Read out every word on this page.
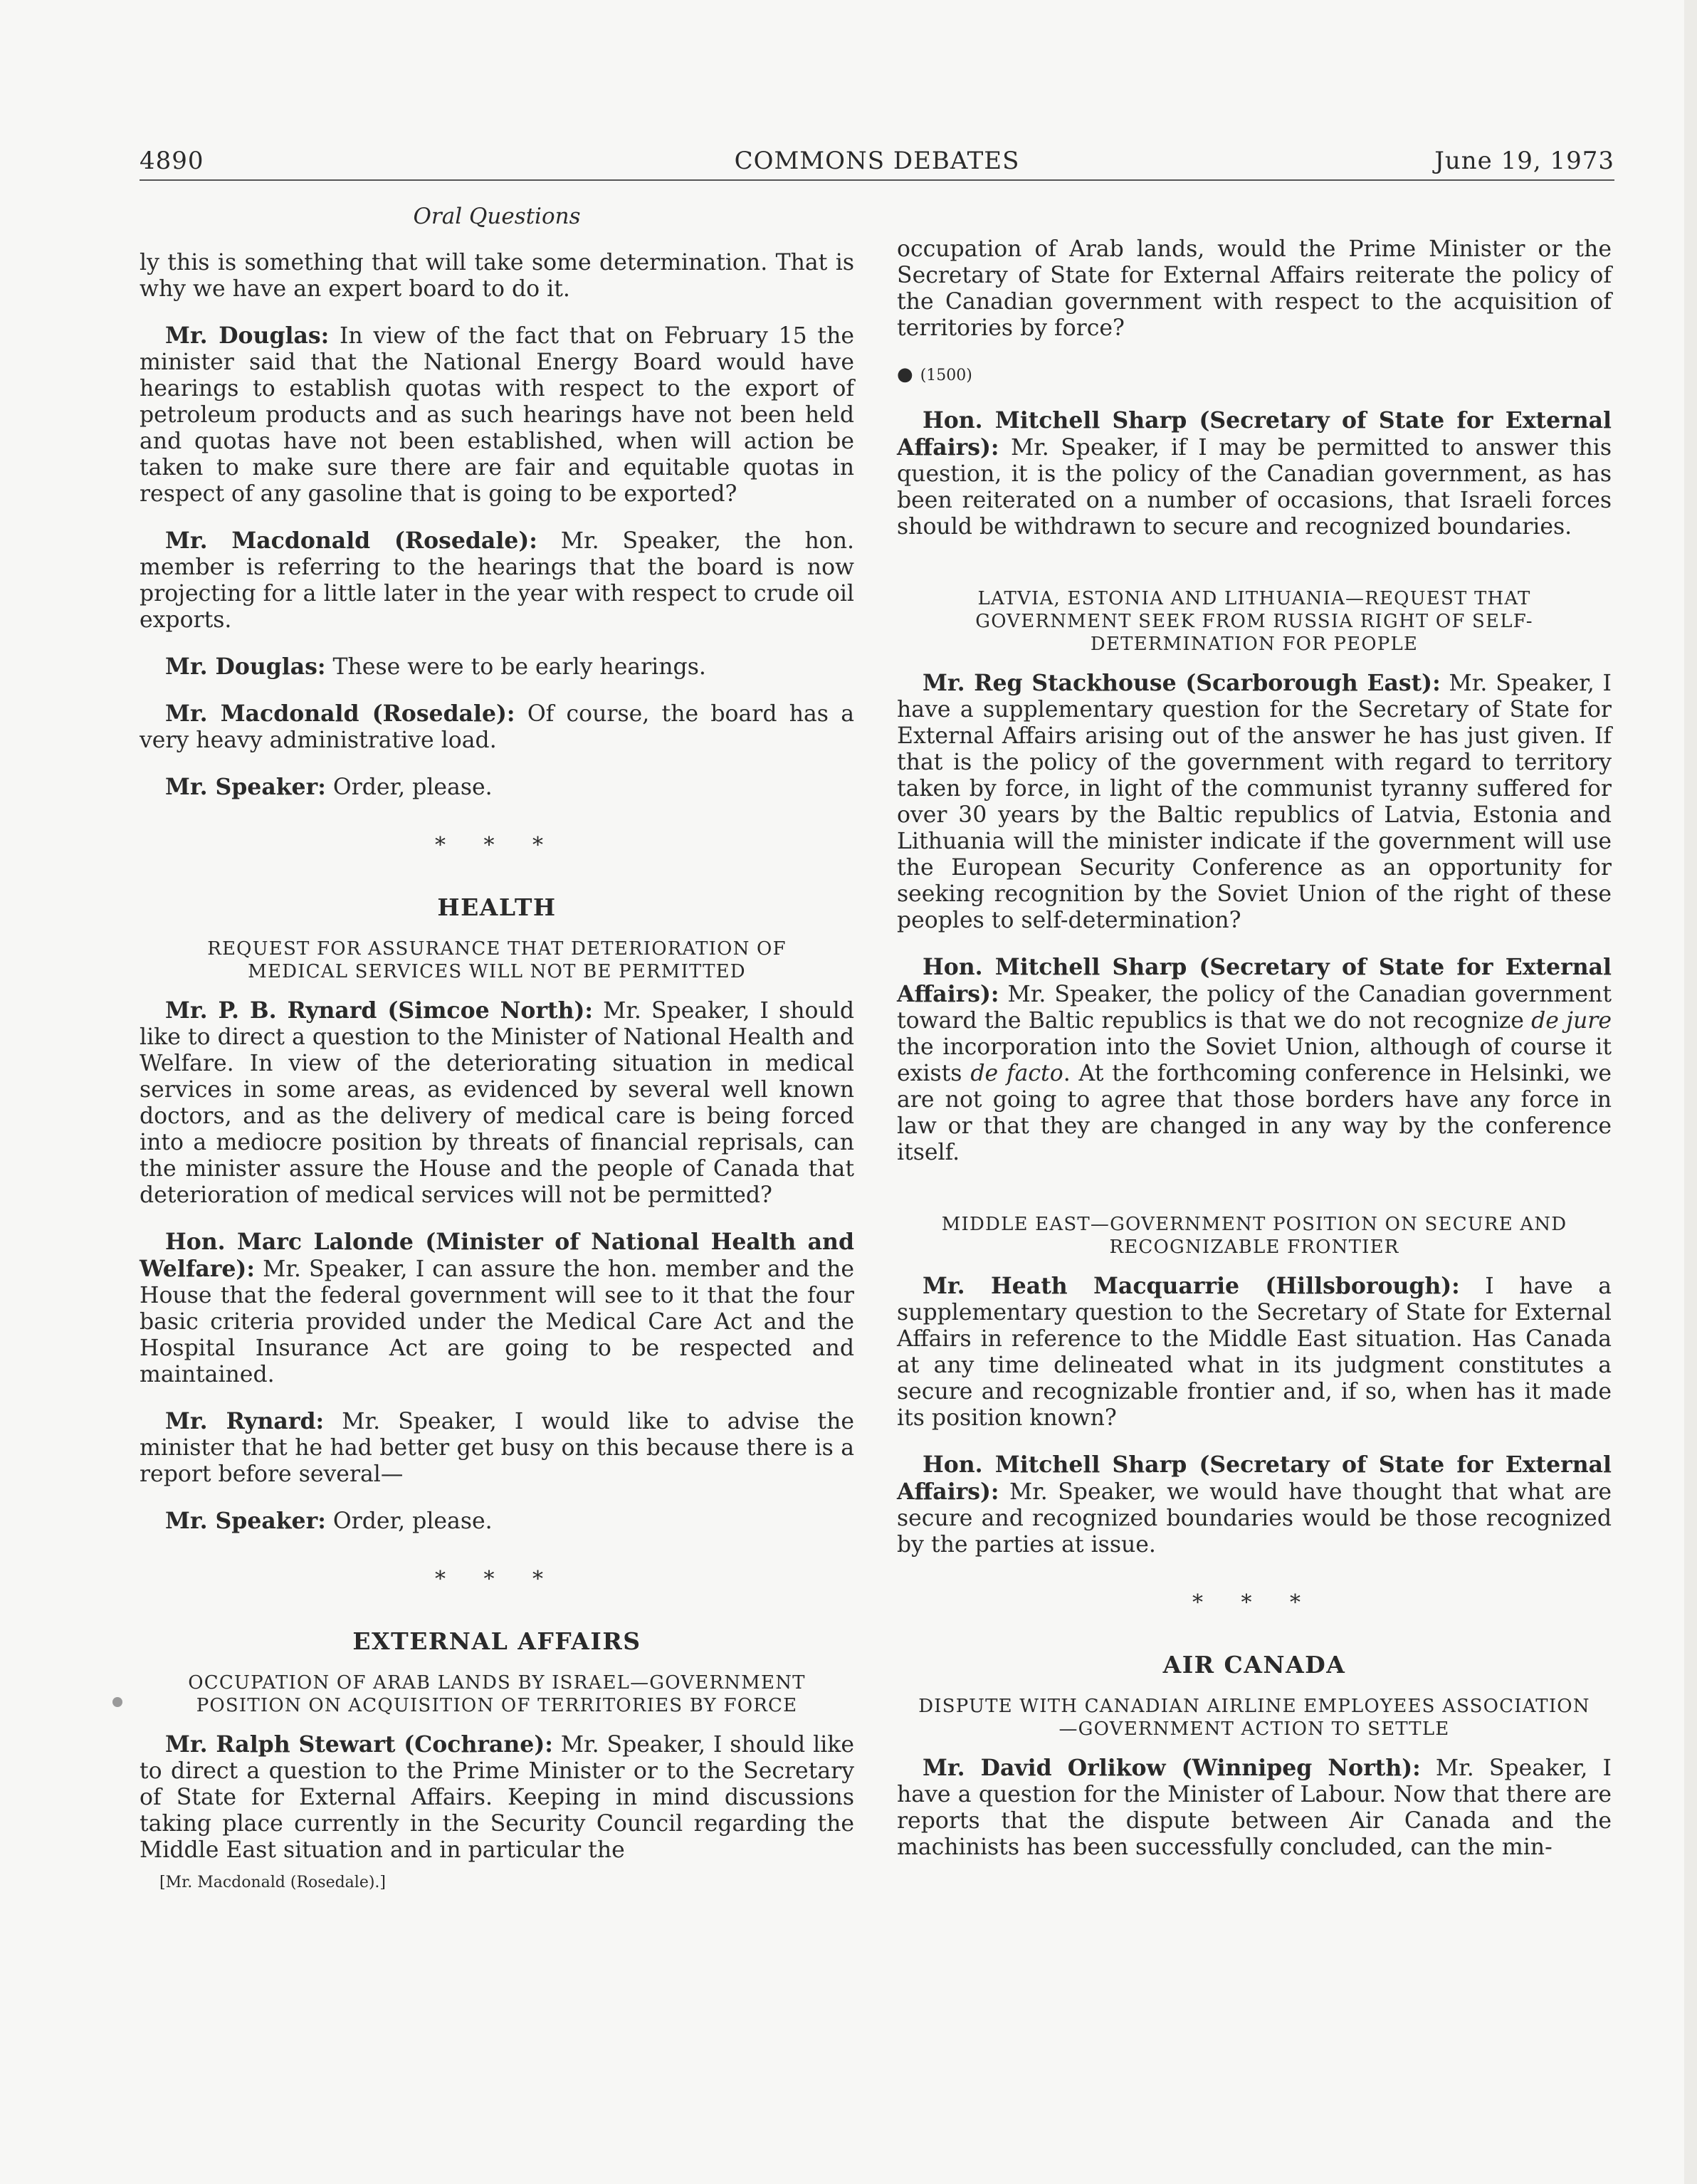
4890	COMMONS DEBATES	June 19, 1973

Oral Questions

ly this is something that will take some determination. That is why we have an expert board to do it.

Mr. Douglas: In view of the fact that on February 15 the minister said that the National Energy Board would have hearings to establish quotas with respect to the export of petroleum products and as such hearings have not been held and quotas have not been established, when will action be taken to make sure there are fair and equitable quotas in respect of any gasoline that is going to be exported?

Mr. Macdonald (Rosedale): Mr. Speaker, the hon. member is referring to the hearings that the board is now projecting for a little later in the year with respect to crude oil exports.

Mr. Douglas: These were to be early hearings.

Mr. Macdonald (Rosedale): Of course, the board has a very heavy administrative load.

Mr. Speaker: Order, please.

* * *

HEALTH

REQUEST FOR ASSURANCE THAT DETERIORATION OF MEDICAL SERVICES WILL NOT BE PERMITTED

Mr. P. B. Rynard (Simcoe North): Mr. Speaker, I should like to direct a question to the Minister of National Health and Welfare. In view of the deteriorating situation in medical services in some areas, as evidenced by several well known doctors, and as the delivery of medical care is being forced into a mediocre position by threats of financial reprisals, can the minister assure the House and the people of Canada that deterioration of medical services will not be permitted?

Hon. Marc Lalonde (Minister of National Health and Welfare): Mr. Speaker, I can assure the hon. member and the House that the federal government will see to it that the four basic criteria provided under the Medical Care Act and the Hospital Insurance Act are going to be respected and maintained.

Mr. Rynard: Mr. Speaker, I would like to advise the minister that he had better get busy on this because there is a report before several—

Mr. Speaker: Order, please.

* * *

EXTERNAL AFFAIRS

OCCUPATION OF ARAB LANDS BY ISRAEL—GOVERNMENT POSITION ON ACQUISITION OF TERRITORIES BY FORCE

Mr. Ralph Stewart (Cochrane): Mr. Speaker, I should like to direct a question to the Prime Minister or to the Secretary of State for External Affairs. Keeping in mind discussions taking place currently in the Security Council regarding the Middle East situation and in particular the

[Mr. Macdonald (Rosedale).]

occupation of Arab lands, would the Prime Minister or the Secretary of State for External Affairs reiterate the policy of the Canadian government with respect to the acquisition of territories by force?

● (1500)

Hon. Mitchell Sharp (Secretary of State for External Affairs): Mr. Speaker, if I may be permitted to answer this question, it is the policy of the Canadian government, as has been reiterated on a number of occasions, that Israeli forces should be withdrawn to secure and recognized boundaries.

LATVIA, ESTONIA AND LITHUANIA—REQUEST THAT GOVERNMENT SEEK FROM RUSSIA RIGHT OF SELF-DETERMINATION FOR PEOPLE

Mr. Reg Stackhouse (Scarborough East): Mr. Speaker, I have a supplementary question for the Secretary of State for External Affairs arising out of the answer he has just given. If that is the policy of the government with regard to territory taken by force, in light of the communist tyranny suffered for over 30 years by the Baltic republics of Latvia, Estonia and Lithuania will the minister indicate if the government will use the European Security Conference as an opportunity for seeking recognition by the Soviet Union of the right of these peoples to self-determination?

Hon. Mitchell Sharp (Secretary of State for External Affairs): Mr. Speaker, the policy of the Canadian government toward the Baltic republics is that we do not recognize de jure the incorporation into the Soviet Union, although of course it exists de facto. At the forthcoming conference in Helsinki, we are not going to agree that those borders have any force in law or that they are changed in any way by the conference itself.

MIDDLE EAST—GOVERNMENT POSITION ON SECURE AND RECOGNIZABLE FRONTIER

Mr. Heath Macquarrie (Hillsborough): I have a supplementary question to the Secretary of State for External Affairs in reference to the Middle East situation. Has Canada at any time delineated what in its judgment constitutes a secure and recognizable frontier and, if so, when has it made its position known?

Hon. Mitchell Sharp (Secretary of State for External Affairs): Mr. Speaker, we would have thought that what are secure and recognized boundaries would be those recognized by the parties at issue.

* * *

AIR CANADA

DISPUTE WITH CANADIAN AIRLINE EMPLOYEES ASSOCIATION—GOVERNMENT ACTION TO SETTLE

Mr. David Orlikow (Winnipeg North): Mr. Speaker, I have a question for the Minister of Labour. Now that there are reports that the dispute between Air Canada and the machinists has been successfully concluded, can the min-
